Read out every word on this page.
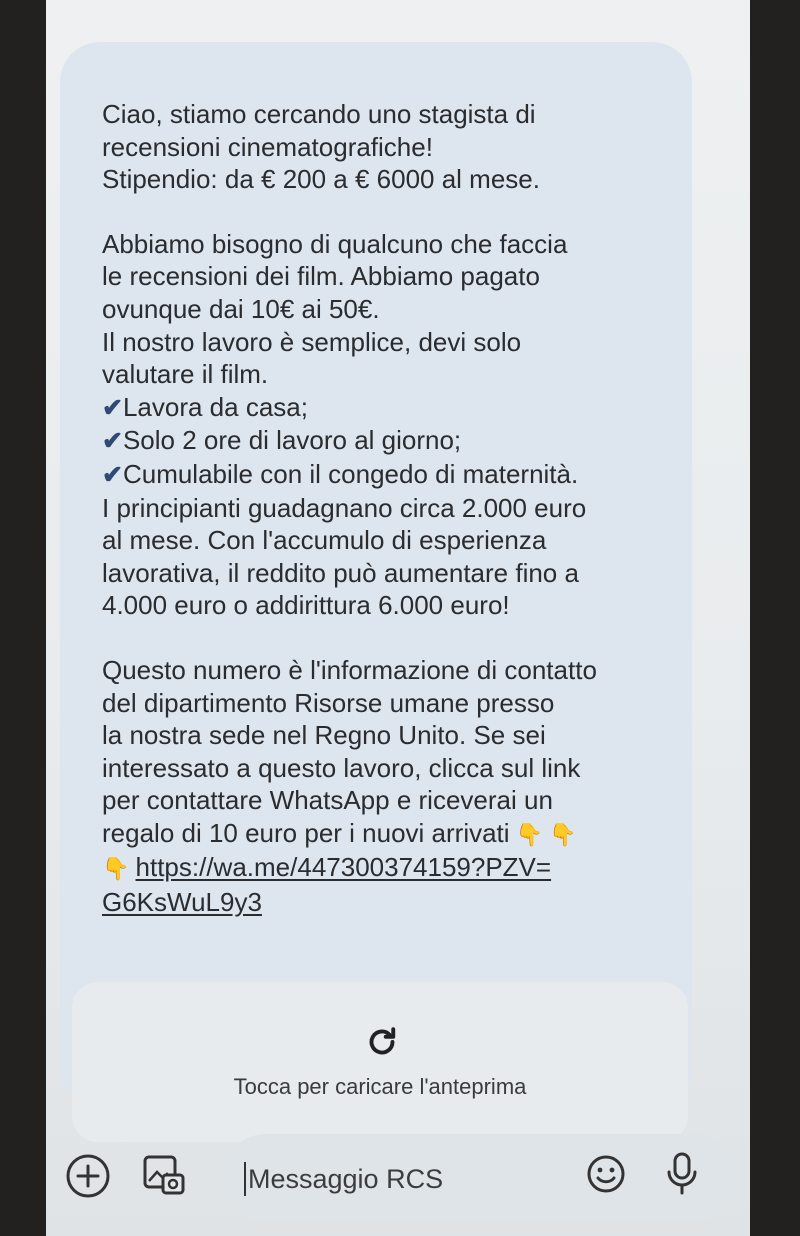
Ciao, stiamo cercando uno stagista di

recensioni cinematografiche!

Stipendio: da € 200 a € 6000 al mese.

Abbiamo bisogno di qualcuno che faccia

le recensioni dei film. Abbiamo pagato

ovunque dai 10€ ai 50€.

Il nostro lavoro è semplice, devi solo

valutare il film.

✔Lavora da casa;

✔Solo 2 ore di lavoro al giorno;

✔Cumulabile con il congedo di maternità.

I principianti guadagnano circa 2.000 euro

al mese. Con l'accumulo di esperienza

lavorativa, il reddito può aumentare fino a

4.000 euro o addirittura 6.000 euro!

Questo numero è l'informazione di contatto

del dipartimento Risorse umane presso

la nostra sede nel Regno Unito. Se sei

interessato a questo lavoro, clicca sul link

per contattare WhatsApp e riceverai un

regalo di 10 euro per i nuovi arrivati 👇 👇

👇 https://wa.me/447300374159?PZV=

G6KsWuL9y3

Tocca per caricare l'anteprima
Messaggio RCS
